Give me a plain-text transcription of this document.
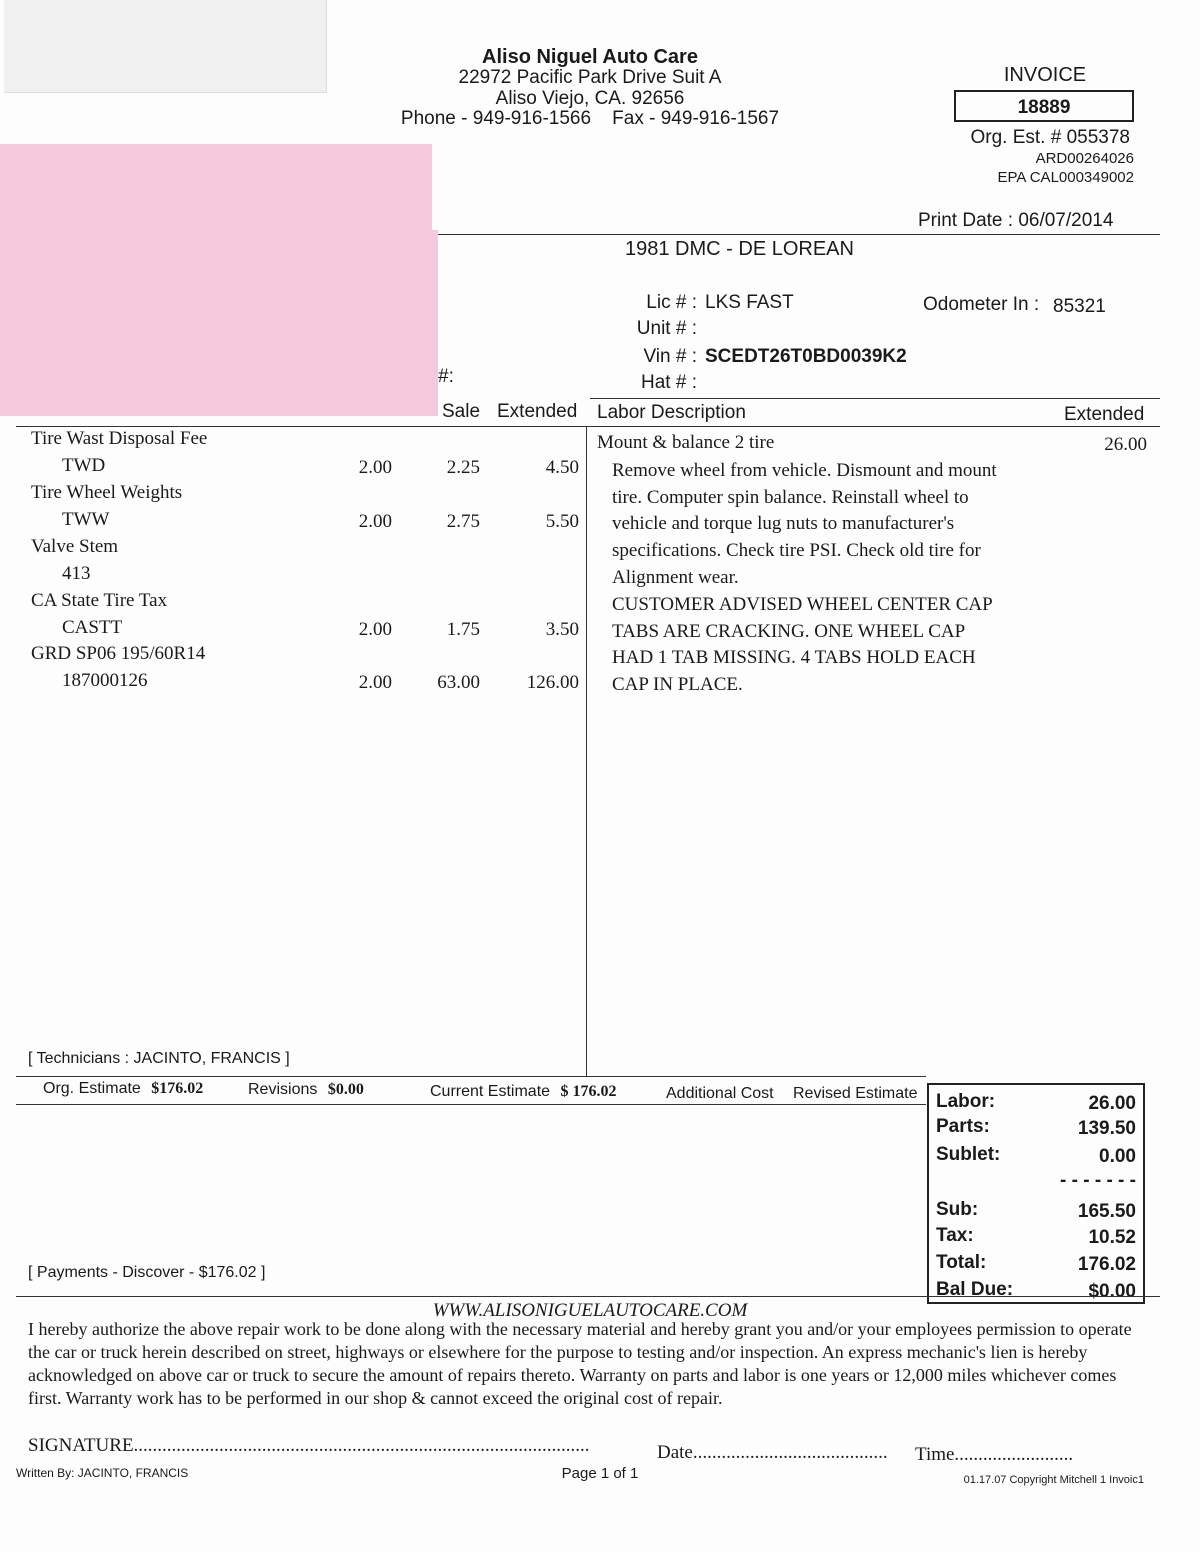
Aliso Niguel Auto Care
22972 Pacific Park Drive Suit A
Aliso Viejo, CA. 92656
Phone - 949-916-1566    Fax - 949-916-1567
INVOICE
18889
Org. Est. # 055378
ARD00264026
EPA CAL000349002
Print Date : 06/07/2014
1981 DMC - DE LOREAN
Lic # : LKS FAST
Unit # :
Vin # : SCEDT26T0BD0039K2
Hat # :
Odometer In : 85321
#:
Sale Extended Labor Description	Extended
Tire Wast Disposal Fee
TWD	2.00	2.25	4.50
Tire Wheel Weights
TWW	2.00	2.75	5.50
Valve Stem
413
CA State Tire Tax
CASTT	2.00	1.75	3.50
GRD SP06 195/60R14
187000126	2.00	63.00	126.00
Mount & balance 2 tire	26.00
Remove wheel from vehicle. Dismount and mount
tire. Computer spin balance. Reinstall wheel to
vehicle and torque lug nuts to manufacturer's
specifications. Check tire PSI. Check old tire for
Alignment wear.
CUSTOMER ADVISED WHEEL CENTER CAP
TABS ARE CRACKING. ONE WHEEL CAP
HAD 1 TAB MISSING. 4 TABS HOLD EACH
CAP IN PLACE.
[ Technicians : JACINTO, FRANCIS ]
Org. Estimate $176.02	Revisions $0.00	Current Estimate $ 176.02	Additional Cost Revised Estimate Labor:	26.00
Parts:	139.50
Sublet:	0.00
- - - - - - -
Sub:	165.50
Tax:	10.52
Total:	176.02
Bal Due:	$0.00
[ Payments - Discover - $176.02 ]
WWW.ALISONIGUELAUTOCARE.COM
I hereby authorize the above repair work to be done along with the necessary material and hereby grant you and/or your employees permission to operate the car or truck herein described on street, highways or elsewhere for the purpose to testing and/or inspection. An express mechanic's lien is hereby acknowledged on above car or truck to secure the amount of repairs thereto. Warranty on parts and labor is one years or 12,000 miles whichever comes first. Warranty work has to be performed in our shop & cannot exceed the original cost of repair.
SIGNATURE................................................................................................	Date......................................... Time.........................
Written By: JACINTO, FRANCIS	Page 1 of 1	01.17.07 Copyright Mitchell 1 Invoic1
